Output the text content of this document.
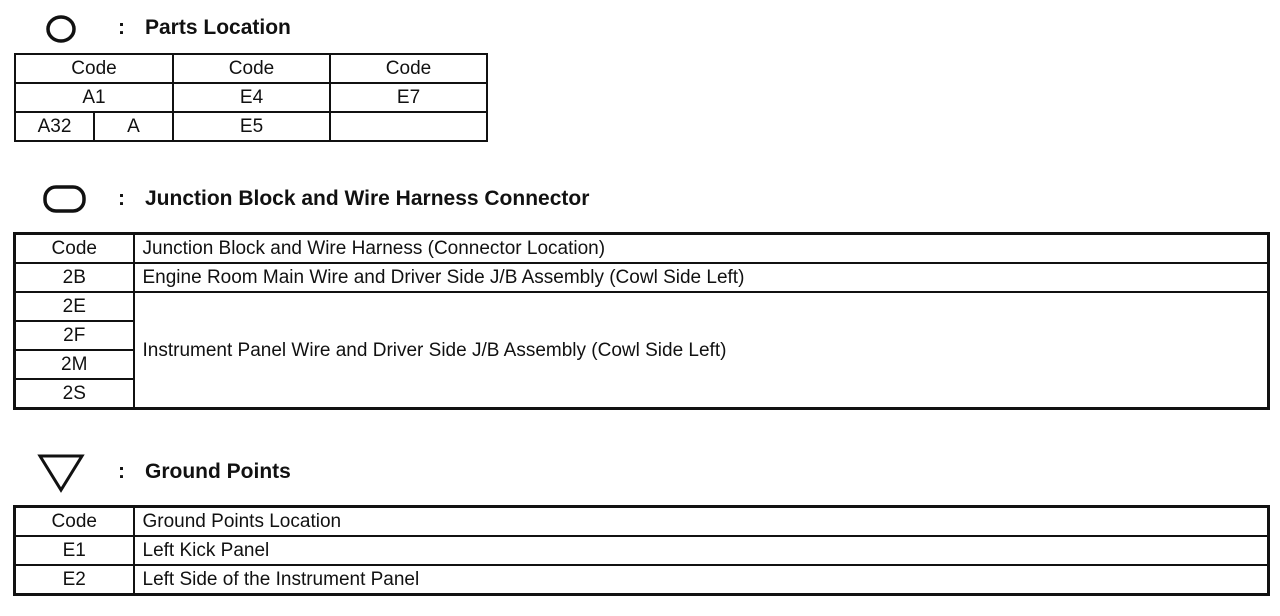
: Parts Location
Code		Code	Code
A1		E4	E7
A32	A	E5	
: Junction Block and Wire Harness Connector
Code	Junction Block and Wire Harness (Connector Location)
2B	Engine Room Main Wire and Driver Side J/B Assembly (Cowl Side Left)
2E	Instrument Panel Wire and Driver Side J/B Assembly (Cowl Side Left)
2F	
2M	
2S	
: Ground Points
Code	Ground Points Location
E1	Left Kick Panel
E2	Left Side of the Instrument Panel
